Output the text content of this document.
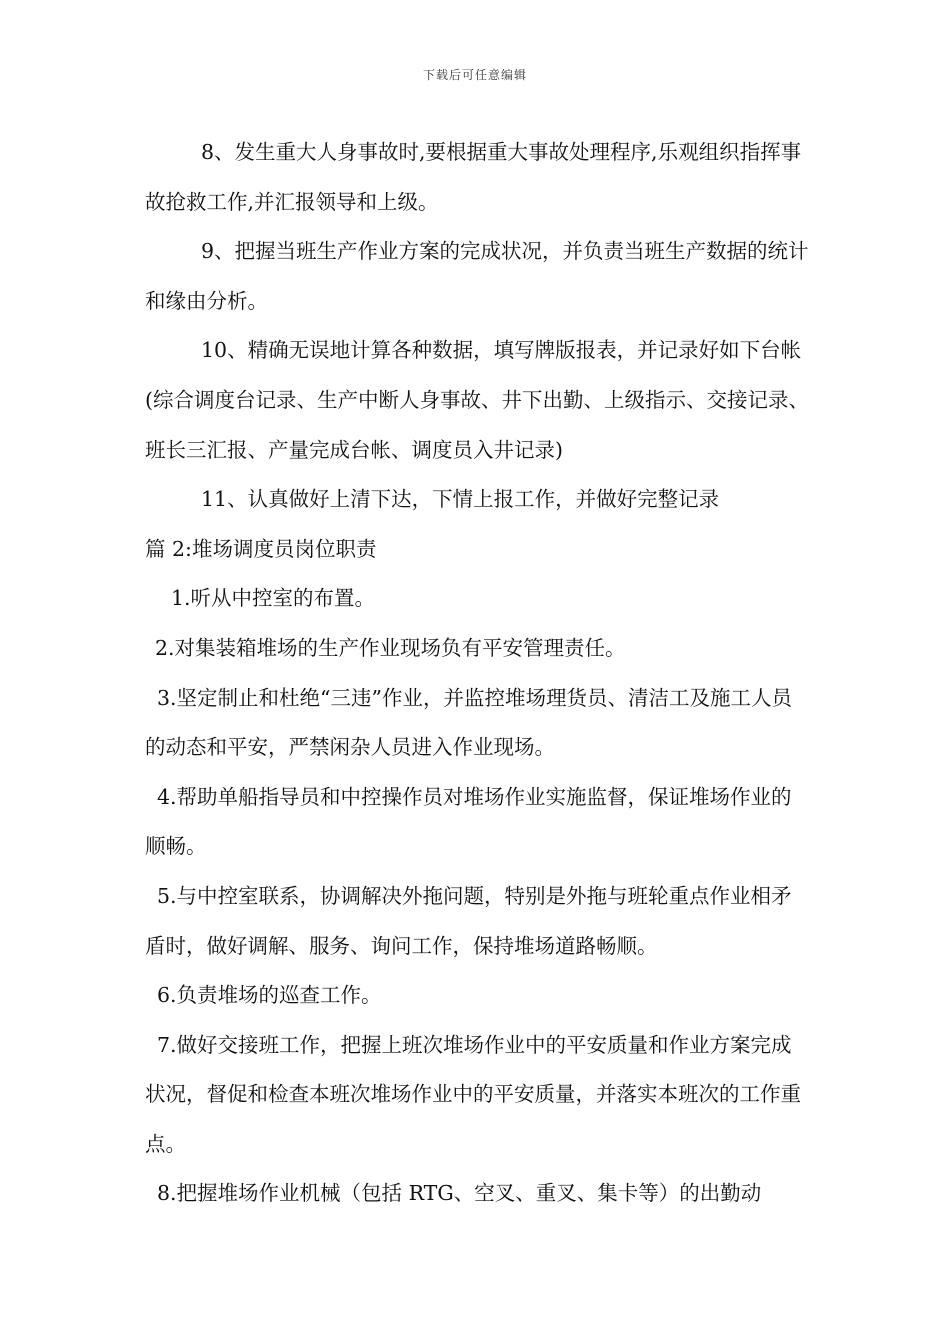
下载后可任意编辑

8、发生重大人身事故时,要根据重大事故处理程序,乐观组织指挥事故抢救工作,并汇报领导和上级。

9、把握当班生产作业方案的完成状况，并负责当班生产数据的统计和缘由分析。

10、精确无误地计算各种数据，填写牌版报表，并记录好如下台帐(综合调度台记录、生产中断人身事故、井下出勤、上级指示、交接记录、班长三汇报、产量完成台帐、调度员入井记录)

11、认真做好上清下达，下情上报工作，并做好完整记录

篇 2:堆场调度员岗位职责

1.听从中控室的布置。

2.对集装箱堆场的生产作业现场负有平安管理责任。

3.坚定制止和杜绝“三违”作业，并监控堆场理货员、清洁工及施工人员的动态和平安，严禁闲杂人员进入作业现场。

4.帮助单船指导员和中控操作员对堆场作业实施监督，保证堆场作业的顺畅。

5.与中控室联系，协调解决外拖问题，特别是外拖与班轮重点作业相矛盾时，做好调解、服务、询问工作，保持堆场道路畅顺。

6.负责堆场的巡查工作。

7.做好交接班工作，把握上班次堆场作业中的平安质量和作业方案完成状况，督促和检查本班次堆场作业中的平安质量，并落实本班次的工作重点。

8.把握堆场作业机械（包括 RTG、空叉、重叉、集卡等）的出勤动
